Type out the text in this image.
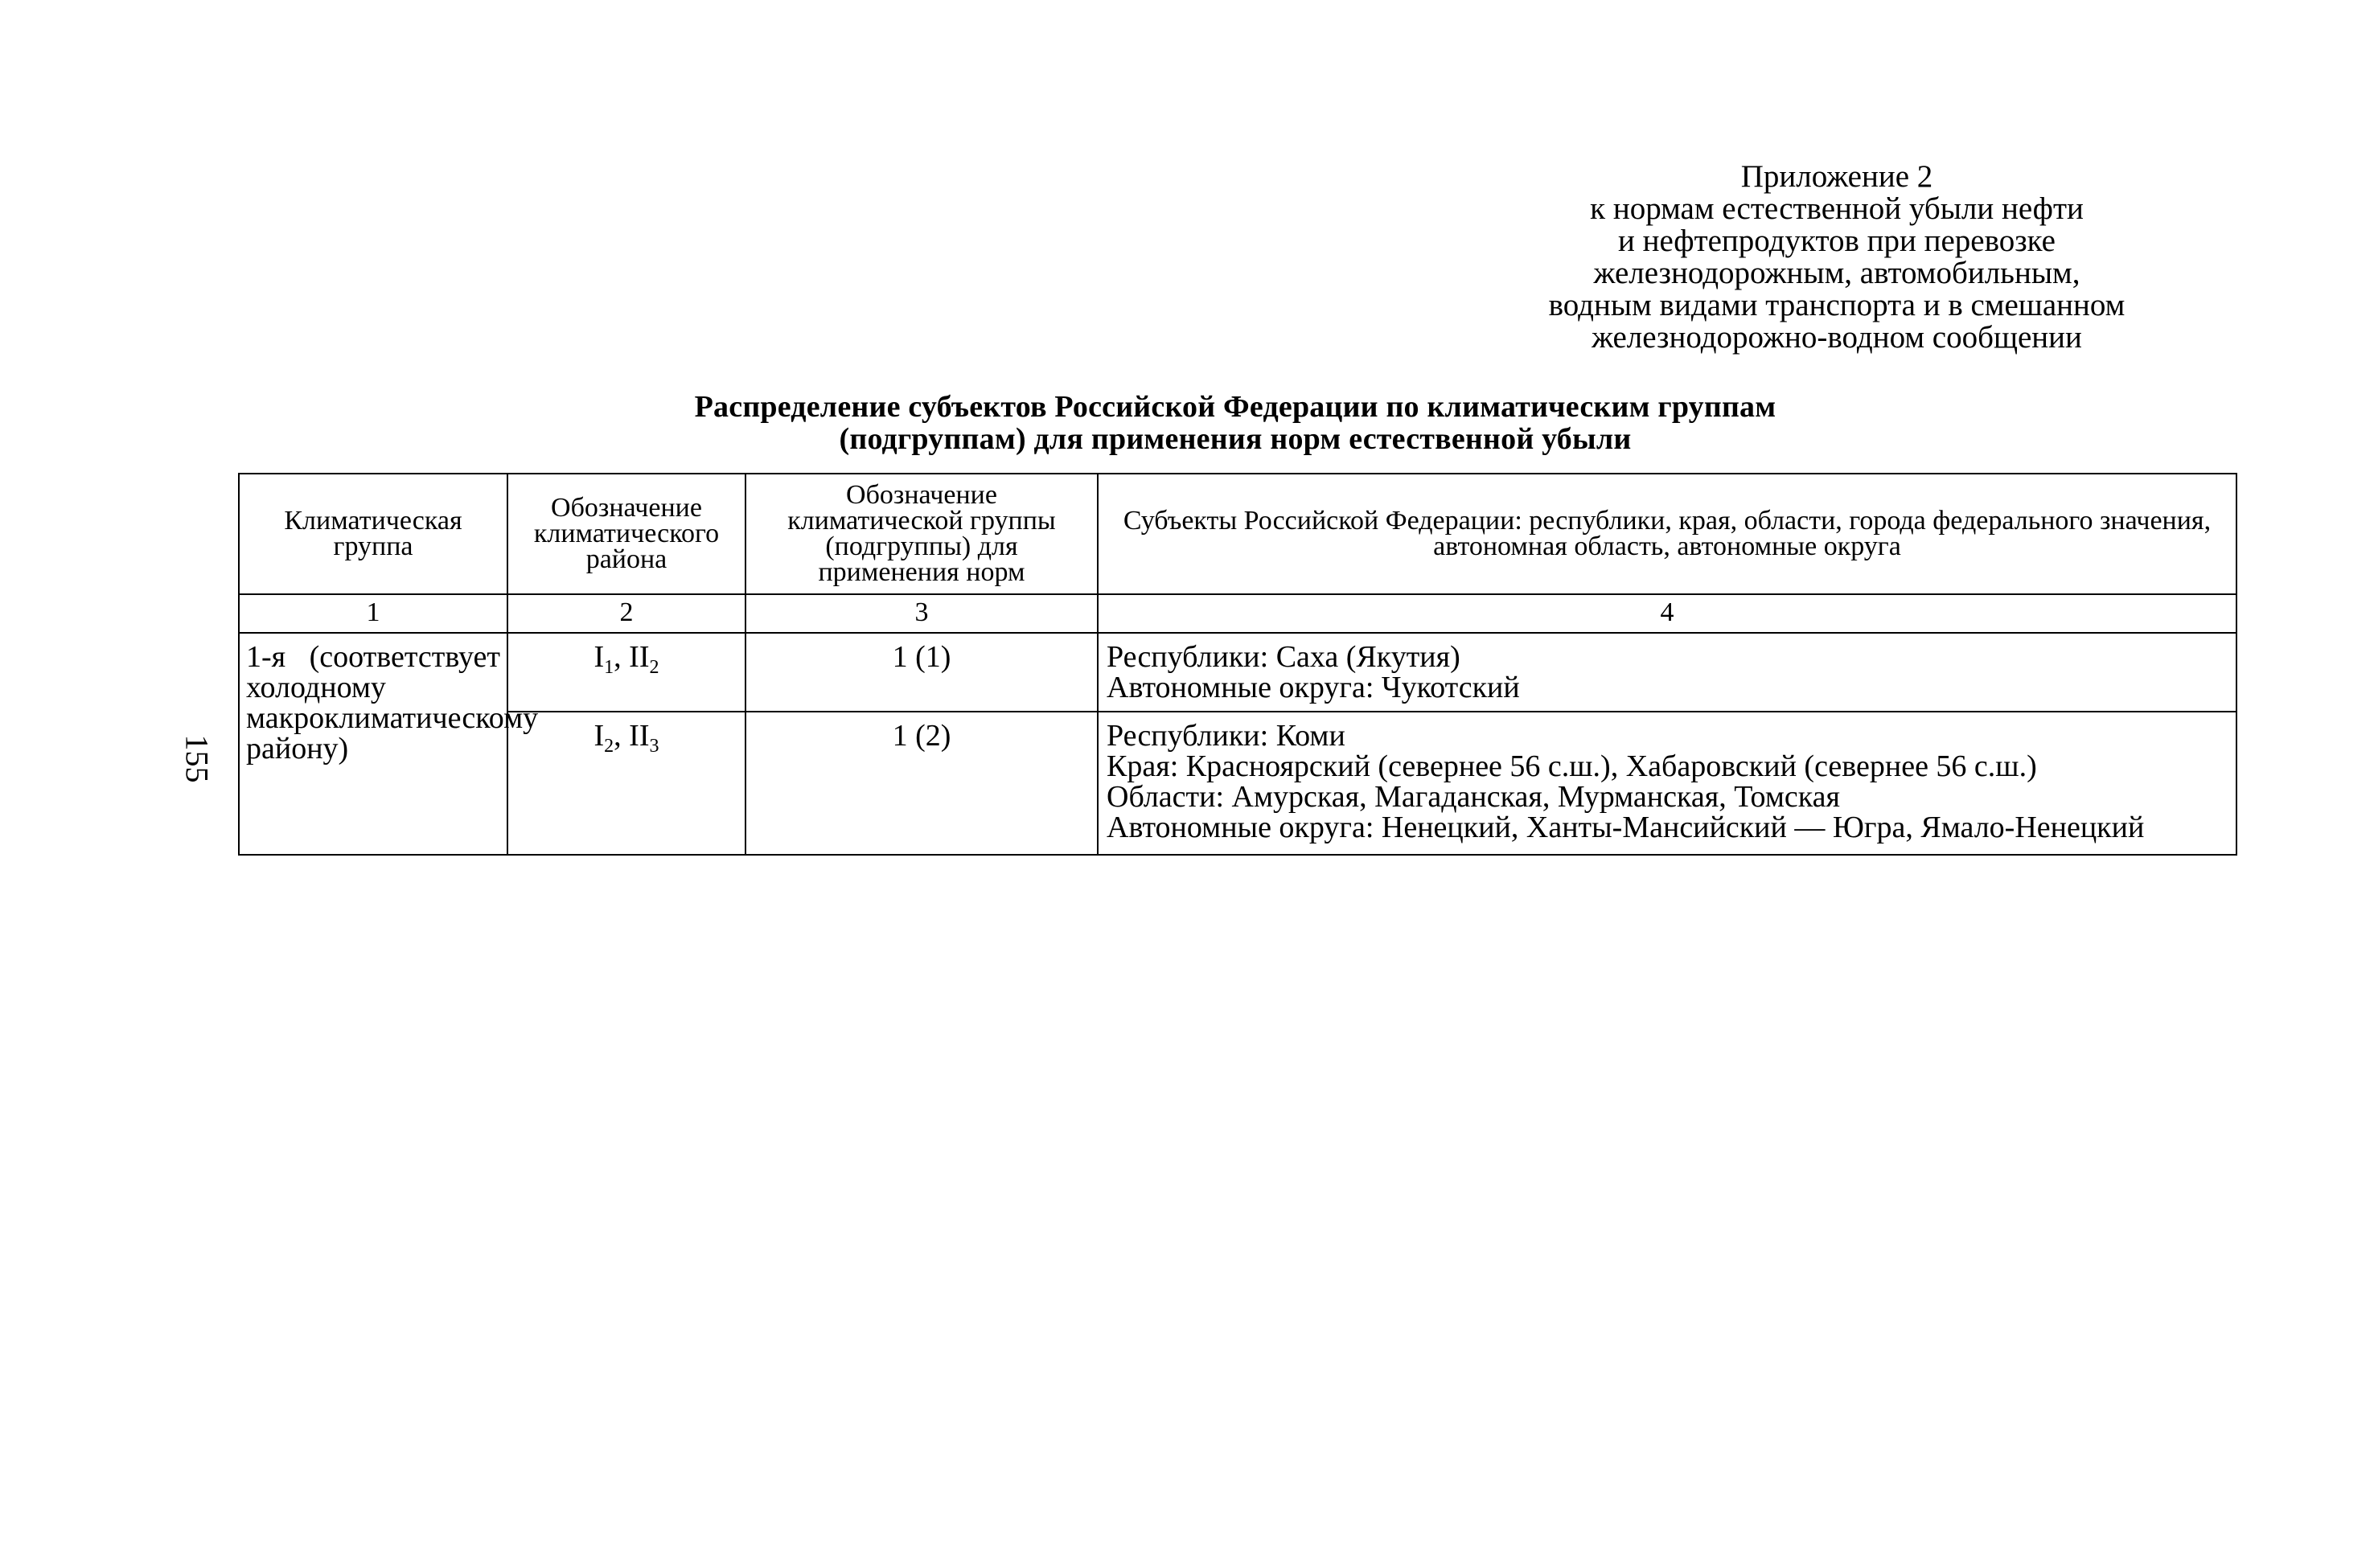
Приложение 2
к нормам естественной убыли нефти
и нефтепродуктов при перевозке
железнодорожным, автомобильным,
водным видами транспорта и в смешанном
железнодорожно-водном сообщении
Распределение субъектов Российской Федерации по климатическим группам
(подгруппам) для применения норм естественной убыли
155
Климатическая группа	Обозначение климатического района	Обозначение климатической группы (подгруппы) для применения норм	Субъекты Российской Федерации: республики, края, области, города федерального значения, автономная область, автономные округа
1	2	3	4
1-я (соответствует холодному макроклиматическому району)	$I_1$, $II_2$	1 (1)	Республики: Саха (Якутия)
Автономные округа: Чукотский

	$I_2$, $II_3$	1 (2)	Республики: Коми
Края: Красноярский (севернее 56 с.ш.), Хабаровский (севернее 56 с.ш.)
Области: Амурская, Магаданская, Мурманская, Томская
Автономные округа: Ненецкий, Ханты-Мансийский — Югра, Ямало-Ненецкий
